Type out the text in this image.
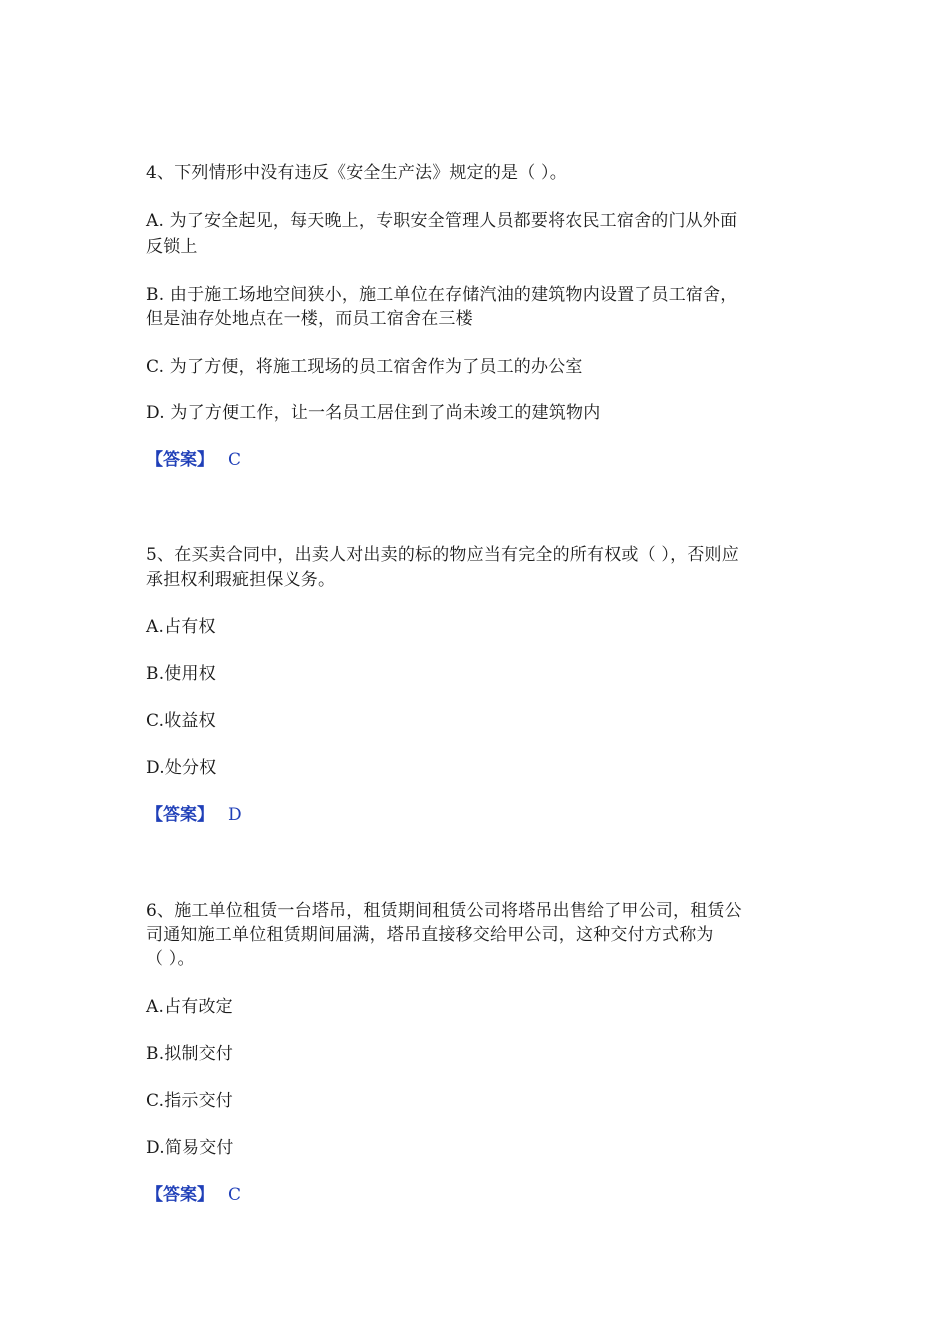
4、下列情形中没有违反《安全生产法》规定的是（ ）。
A. 为了安全起见，每天晚上，专职安全管理人员都要将农民工宿舍的门从外面
反锁上
B. 由于施工场地空间狭小，施工单位在存储汽油的建筑物内设置了员工宿舍，
但是油存处地点在一楼，而员工宿舍在三楼
C. 为了方便，将施工现场的员工宿舍作为了员工的办公室
D. 为了方便工作，让一名员工居住到了尚未竣工的建筑物内
【答案】 C
5、在买卖合同中，出卖人对出卖的标的物应当有完全的所有权或（ ），否则应
承担权利瑕疵担保义务。
A.占有权
B.使用权
C.收益权
D.处分权
【答案】 D
6、施工单位租赁一台塔吊，租赁期间租赁公司将塔吊出售给了甲公司，租赁公
司通知施工单位租赁期间届满，塔吊直接移交给甲公司，这种交付方式称为
（ ）。
A.占有改定
B.拟制交付
C.指示交付
D.简易交付
【答案】 C
